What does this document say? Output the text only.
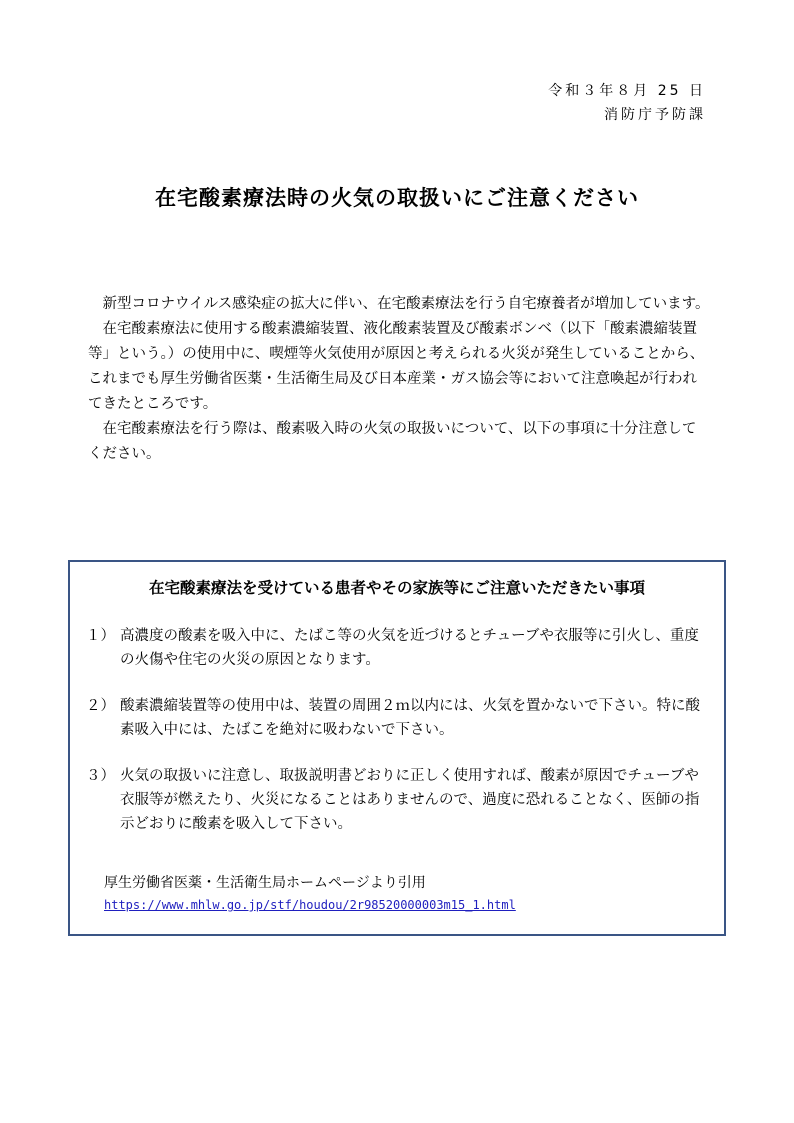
令和３年８月 25 日
消防庁予防課
在宅酸素療法時の火気の取扱いにご注意ください

新型コロナウイルス感染症の拡大に伴い、在宅酸素療法を行う自宅療養者が増加しています。

在宅酸素療法に使用する酸素濃縮装置、液化酸素装置及び酸素ボンベ（以下「酸素濃縮装置等」という。）の使用中に、喫煙等火気使用が原因と考えられる火災が発生していることから、これまでも厚生労働省医薬・生活衛生局及び日本産業・ガス協会等において注意喚起が行われてきたところです。

在宅酸素療法を行う際は、酸素吸入時の火気の取扱いについて、以下の事項に十分注意してください。

在宅酸素療法を受けている患者やその家族等にご注意いただきたい事項
１） 高濃度の酸素を吸入中に、たばこ等の火気を近づけるとチューブや衣服等に引火し、重度の火傷や住宅の火災の原因となります。
２） 酸素濃縮装置等の使用中は、装置の周囲２ｍ以内には、火気を置かないで下さい。特に酸素吸入中には、たばこを絶対に吸わないで下さい。
３） 火気の取扱いに注意し、取扱説明書どおりに正しく使用すれば、酸素が原因でチューブや衣服等が燃えたり、火災になることはありませんので、過度に恐れることなく、医師の指示どおりに酸素を吸入して下さい。
厚生労働省医薬・生活衛生局ホームページより引用
https://www.mhlw.go.jp/stf/houdou/2r98520000003m15_1.html
